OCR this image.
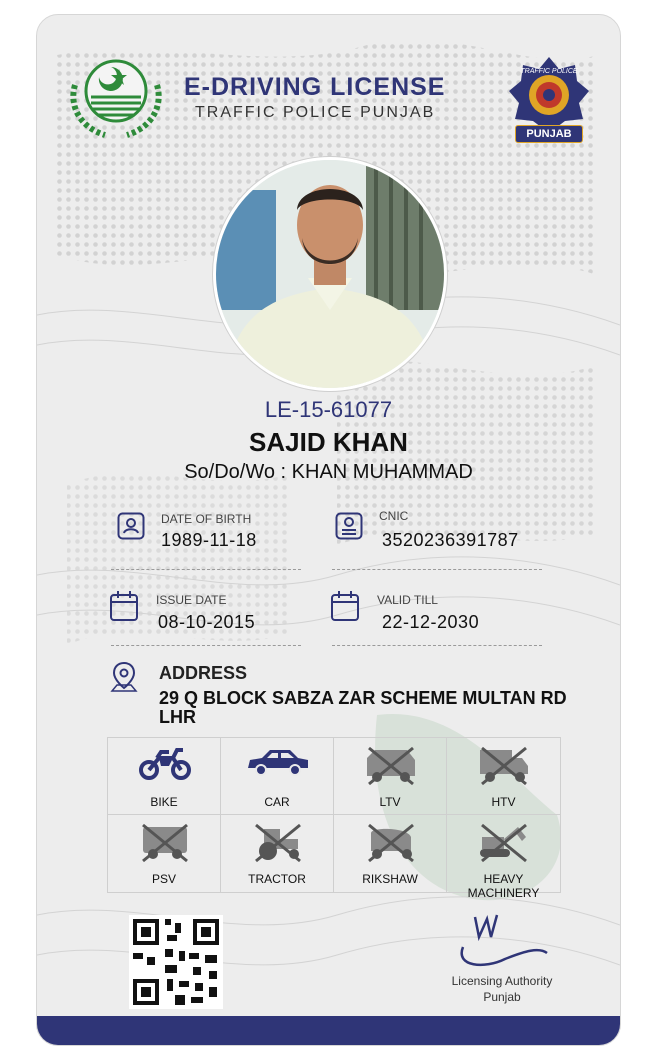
E-DRIVING LICENSE
TRAFFIC POLICE PUNJAB
TRAFFIC POLICE
PUNJAB
LE-15-61077
SAJID KHAN
So/Do/Wo : KHAN MUHAMMAD
DATE OF BIRTH
1989-11-18
CNIC
3520236391787
ISSUE DATE
08-10-2015
VALID TILL
22-12-2030
ADDRESS
29 Q BLOCK SABZA ZAR SCHEME MULTAN RD LHR
BIKE	CAR	LTV	HTV
PSV	TRACTOR	RIKSHAW	HEAVY MACHINERY
Licensing Authority
Punjab
